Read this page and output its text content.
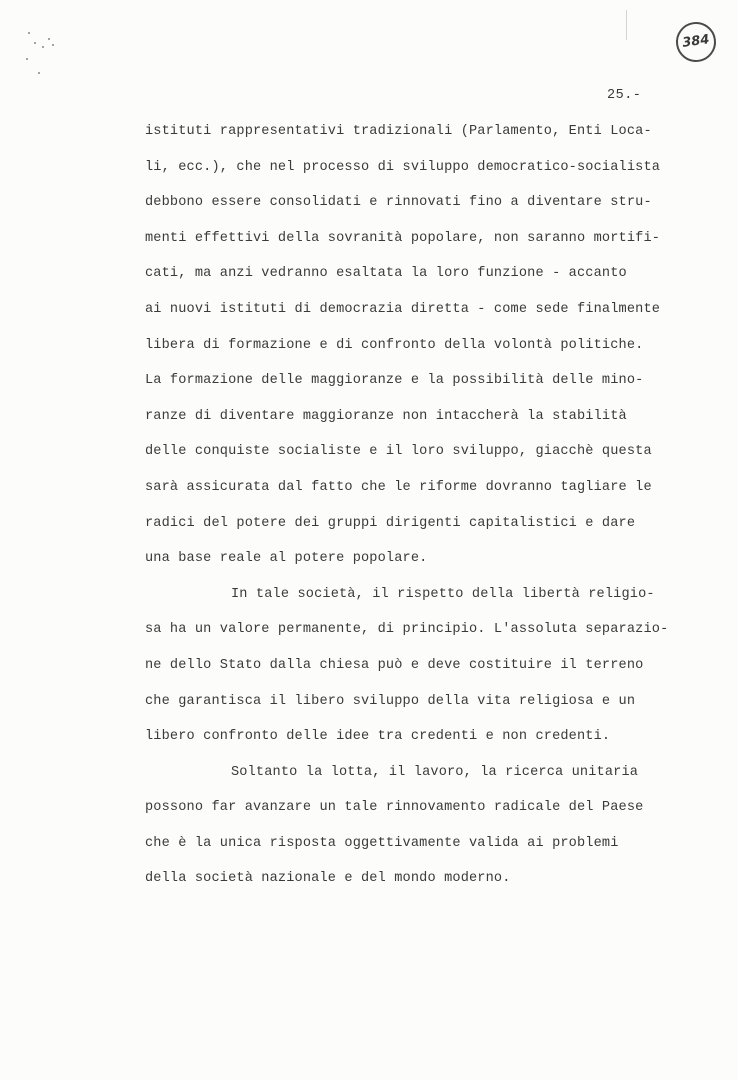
384
25.-
istituti rappresentativi tradizionali (Parlamento, Enti Loca-
li, ecc.), che nel processo di sviluppo democratico-socialista
debbono essere consolidati e rinnovati fino a diventare stru-
menti effettivi della sovranità popolare, non saranno mortifi-
cati, ma anzi vedranno esaltata la loro funzione - accanto
ai nuovi istituti di democrazia diretta - come sede finalmente
libera di formazione e di confronto della volontà politiche.
La formazione delle maggioranze e la possibilità delle mino-
ranze di diventare maggioranze non intaccherà la stabilità
delle conquiste socialiste e il loro sviluppo, giacchè questa
sarà assicurata dal fatto che le riforme dovranno tagliare le
radici del potere dei gruppi dirigenti capitalistici e dare
una base reale al potere popolare.
In tale società, il rispetto della libertà religio-
sa ha un valore permanente, di principio. L'assoluta separazio-
ne dello Stato dalla chiesa può e deve costituire il terreno
che garantisca il libero sviluppo della vita religiosa e un
libero confronto delle idee tra credenti e non credenti.
Soltanto la lotta, il lavoro, la ricerca unitaria
possono far avanzare un tale rinnovamento radicale del Paese
che è la unica risposta oggettivamente valida ai problemi
della società nazionale e del mondo moderno.
